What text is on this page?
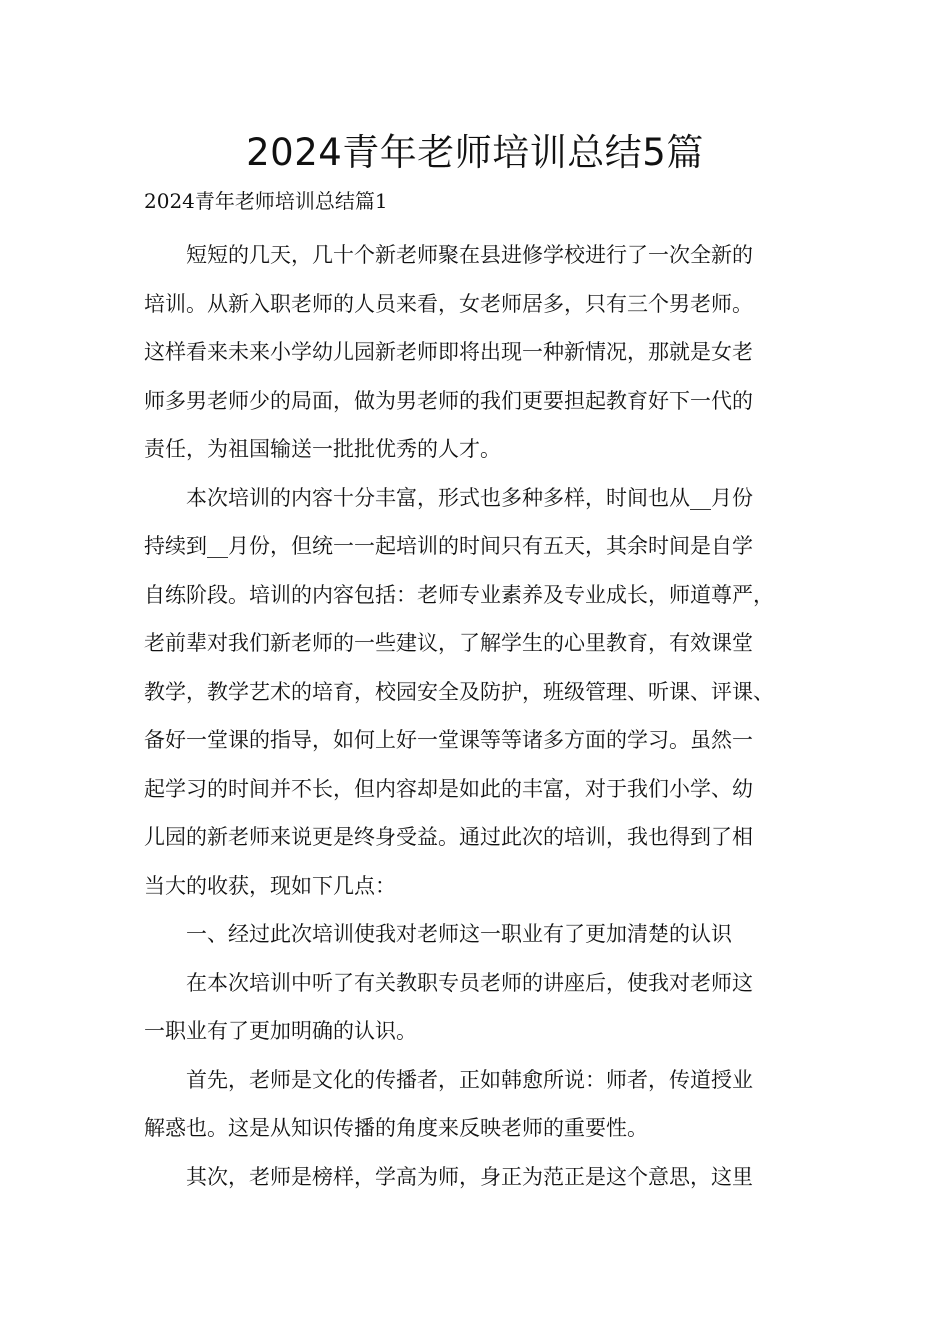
2024青年老师培训总结5篇

2024青年老师培训总结篇1

短短的几天，几十个新老师聚在县进修学校进行了一次全新的
培训。从新入职老师的人员来看，女老师居多，只有三个男老师。
这样看来未来小学幼儿园新老师即将出现一种新情况，那就是女老
师多男老师少的局面，做为男老师的我们更要担起教育好下一代的
责任，为祖国输送一批批优秀的人才。

本次培训的内容十分丰富，形式也多种多样，时间也从__月份
持续到__月份，但统一一起培训的时间只有五天，其余时间是自学
自练阶段。培训的内容包括：老师专业素养及专业成长，师道尊严，
老前辈对我们新老师的一些建议，了解学生的心里教育，有效课堂
教学，教学艺术的培育，校园安全及防护，班级管理、听课、评课、
备好一堂课的指导，如何上好一堂课等等诸多方面的学习。虽然一
起学习的时间并不长，但内容却是如此的丰富，对于我们小学、幼
儿园的新老师来说更是终身受益。通过此次的培训，我也得到了相
当大的收获，现如下几点：

一、经过此次培训使我对老师这一职业有了更加清楚的认识

在本次培训中听了有关教职专员老师的讲座后，使我对老师这
一职业有了更加明确的认识。

首先，老师是文化的传播者，正如韩愈所说：师者，传道授业
解惑也。这是从知识传播的角度来反映老师的重要性。

其次，老师是榜样，学高为师，身正为范正是这个意思，这里
